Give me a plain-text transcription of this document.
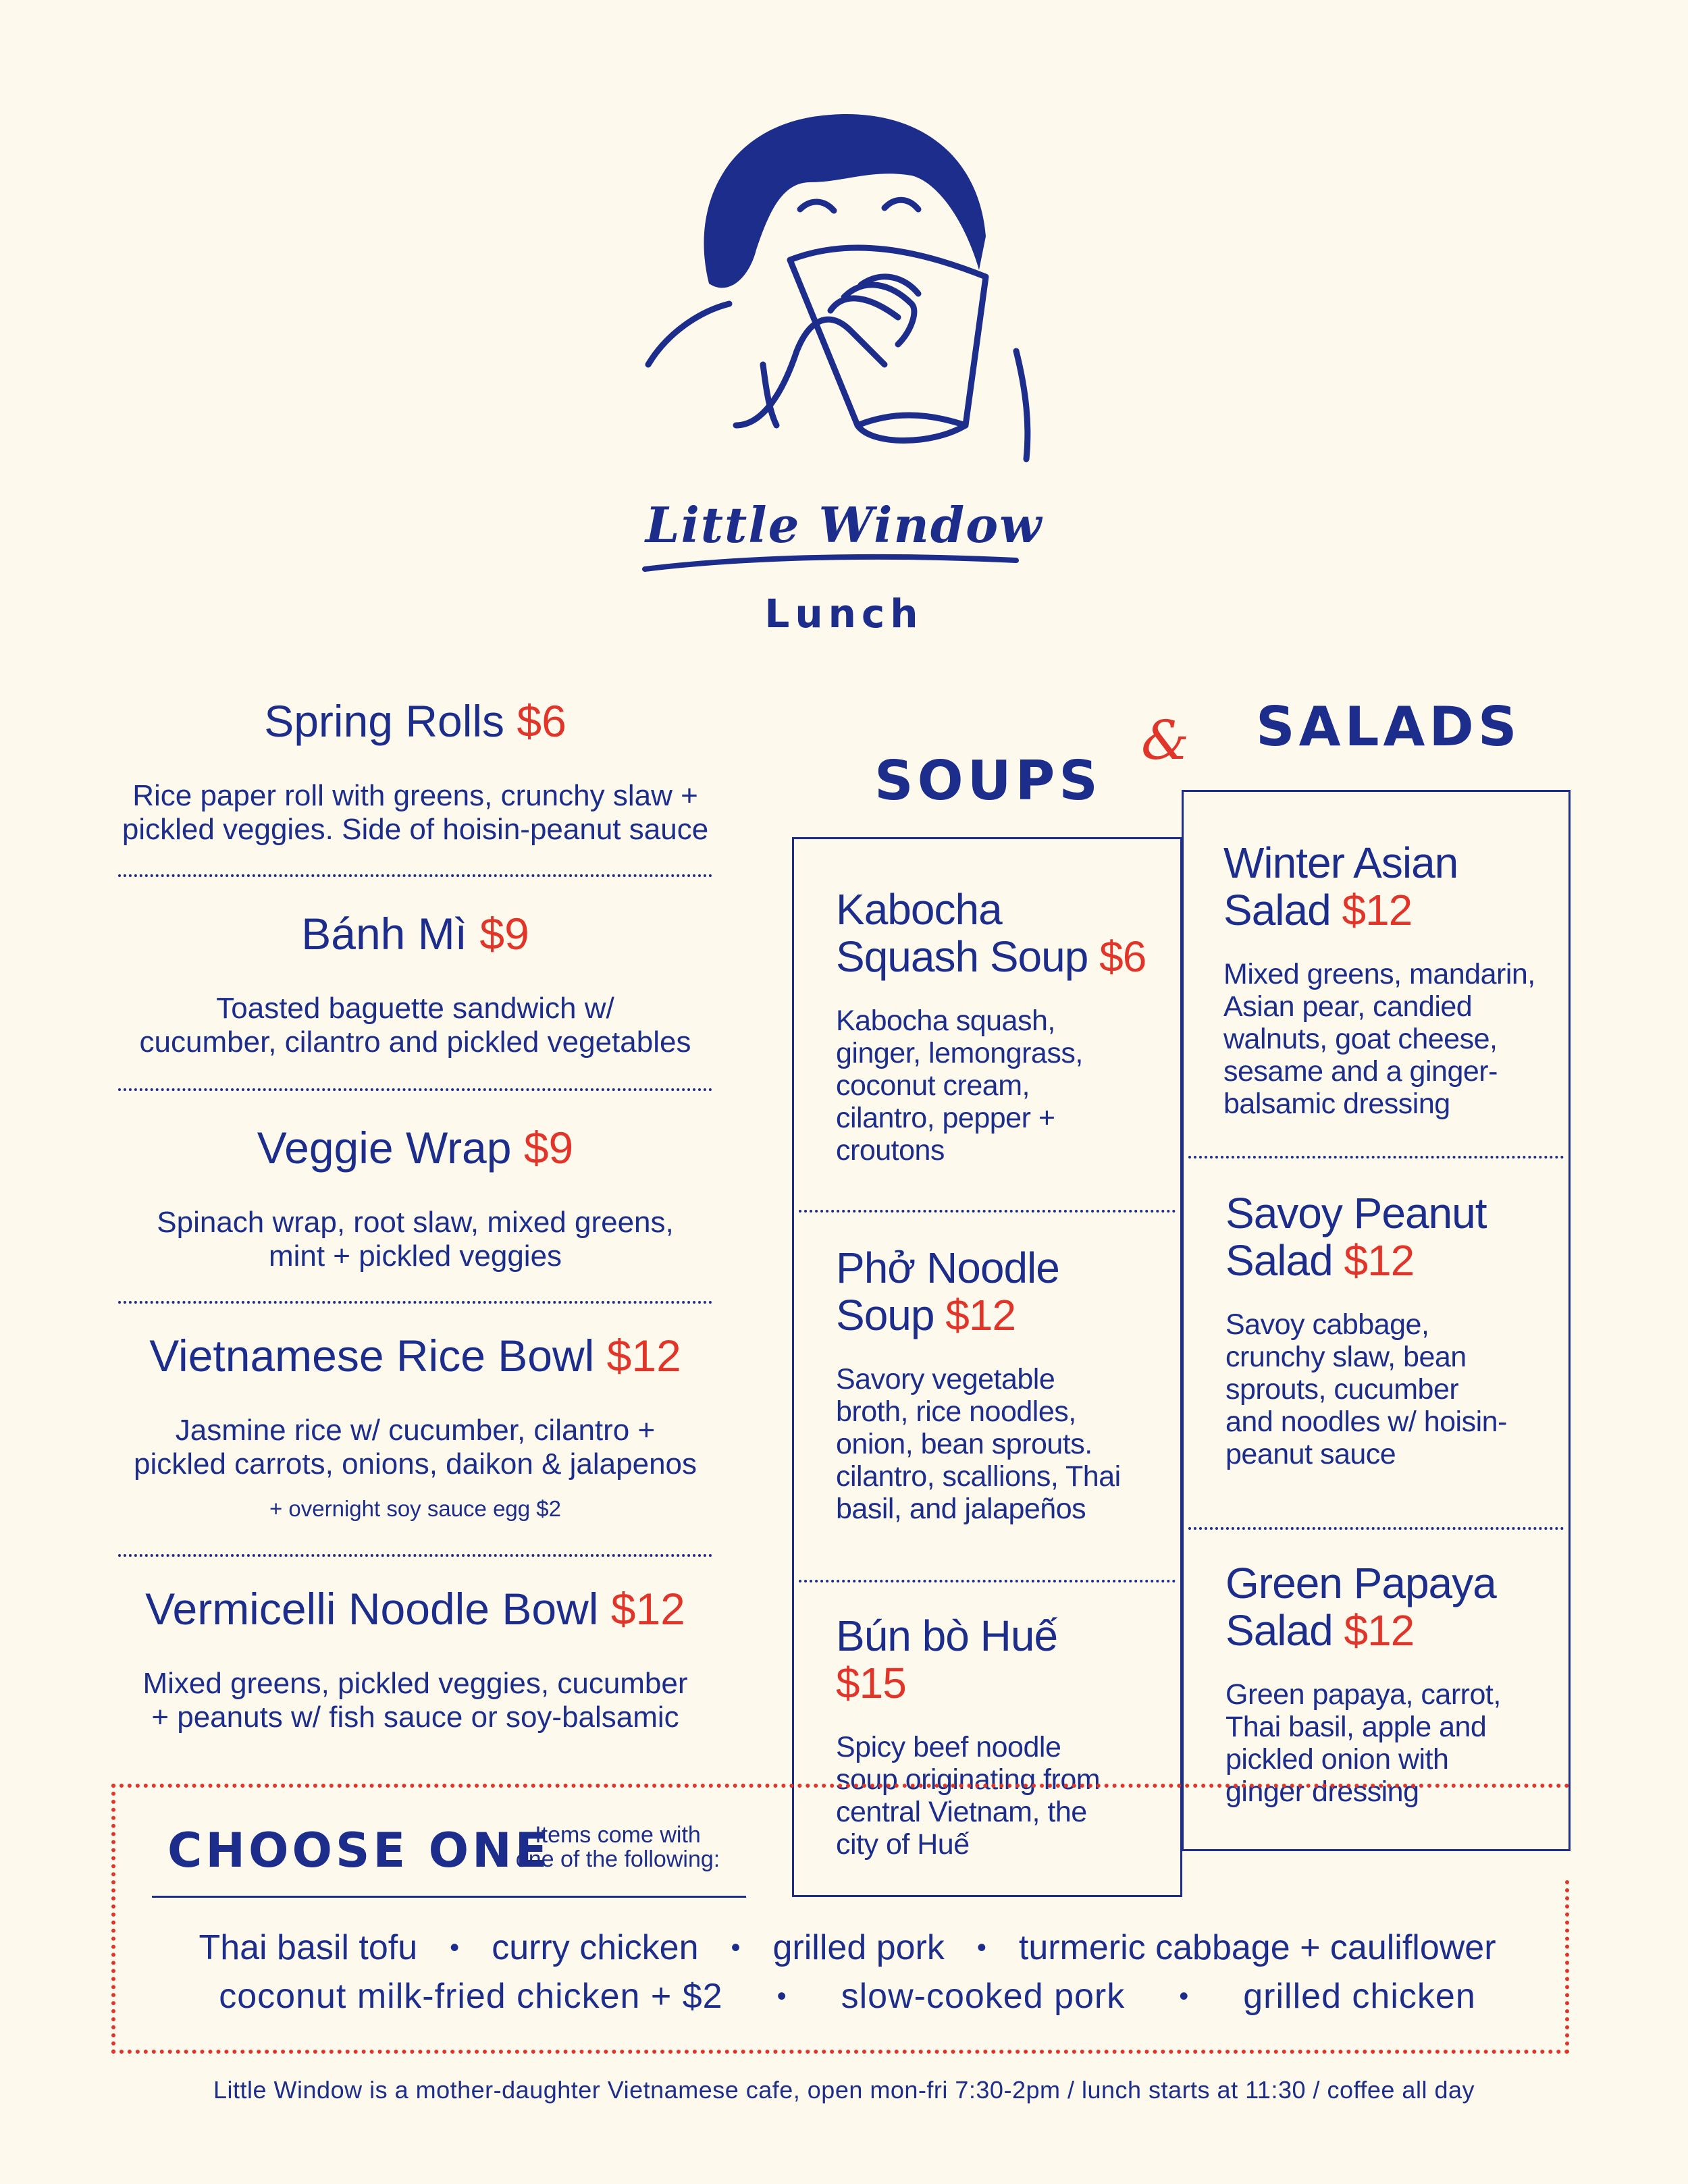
Little Window
Lunch
Spring Rolls $6
Rice paper roll with greens, crunchy slaw +
pickled veggies. Side of hoisin-peanut sauce
Bánh Mì $9
Toasted baguette sandwich w/
cucumber, cilantro and pickled vegetables
Veggie Wrap $9
Spinach wrap, root slaw, mixed greens,
mint + pickled veggies
Vietnamese Rice Bowl $12
Jasmine rice w/ cucumber, cilantro +
pickled carrots, onions, daikon & jalapenos
+ overnight soy sauce egg $2
Vermicelli Noodle Bowl $12
Mixed greens, pickled veggies, cucumber
+ peanuts w/ fish sauce or soy-balsamic
SOUPS
& SALADS
Kabocha
Squash Soup $6
Kabocha squash,
ginger, lemongrass,
coconut cream,
cilantro, pepper +
croutons
Phở Noodle
Soup $12
Savory vegetable
broth, rice noodles,
onion, bean sprouts.
cilantro, scallions, Thai
basil, and jalapeños
Bún bò Huế
$15
Spicy beef noodle
soup originating from
central Vietnam, the
city of Huế
Winter Asian
Salad $12
Mixed greens, mandarin,
Asian pear, candied
walnuts, goat cheese,
sesame and a ginger-
balsamic dressing
Savoy Peanut
Salad $12
Savoy cabbage,
crunchy slaw, bean
sprouts, cucumber
and noodles w/ hoisin-
peanut sauce
Green Papaya
Salad $12
Green papaya, carrot,
Thai basil, apple and
pickled onion with
ginger dressing
CHOOSE ONE
Items come with
one of the following:
Thai basil tofu • curry chicken • grilled pork • turmeric cabbage + cauliflower
coconut milk-fried chicken + $2 • slow-cooked pork • grilled chicken
Little Window is a mother-daughter Vietnamese cafe, open mon-fri 7:30-2pm / lunch starts at 11:30 / coffee all day
